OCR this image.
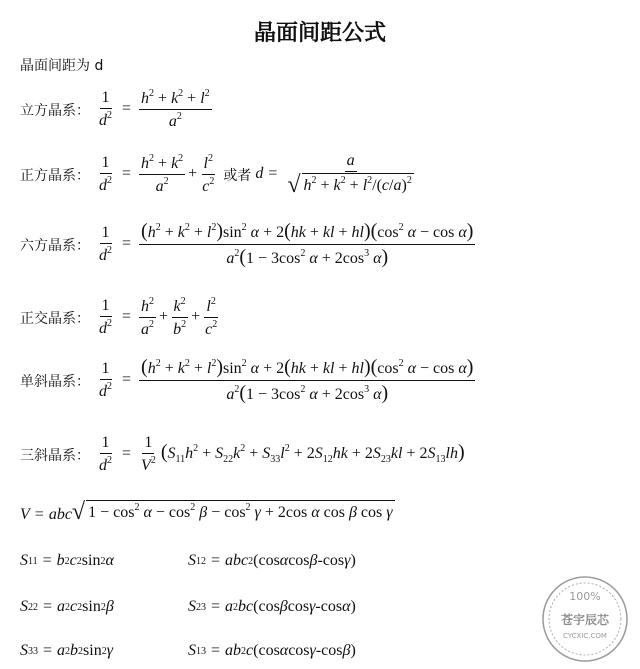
晶面间距公式
晶面间距为 d
立方晶系： $\frac{1}{d^2} = \frac{h^2 + k^2 + l^2}{a^2}$
正方晶系： $\frac{1}{d^2} = \frac{h^2 + k^2}{a^2} + \frac{l^2}{c^2}$ 或者 $d = \frac{a}{√ h^2 + k^2 + l^2/(c/a)^2}$
六方晶系： $\frac{1}{d^2} = \frac{(h^2 + k^2 + l^2)\sin^2 \alpha + 2(hk + kl + hl)(\cos^2 \alpha - \cos \alpha)}{a^2(1 - 3\cos^2 \alpha + 2\cos^3 \alpha)}$
正交晶系： $\frac{1}{d^2} = \frac{h^2}{a^2} + \frac{k^2}{b^2} + \frac{l^2}{c^2}$
单斜晶系： $\frac{1}{d^2} = \frac{(h^2 + k^2 + l^2)\sin^2 \alpha + 2(hk + kl + hl)(\cos^2 \alpha - \cos \alpha)}{a^2(1 - 3\cos^2 \alpha + 2\cos^3 \alpha)}$
三斜晶系： $\frac{1}{d^2} = \frac{1}{V^2} (S_{11}h^2 + S_{22}k^2 + S_{33}l^2 + 2S_{12}hk + 2S_{23}kl + 2S_{13}lh)$
V = abc √ $1 - \cos^2 \alpha - \cos^2 \beta - \cos^2 \gamma + 2\cos$ α cos β cos γ
S 11 = b 2 c 2 sin 2 α	S 12 = abc 2 (cos α cos β -cos γ )
S 22 = a 2 c 2 sin 2 β	S 23 = a 2 bc (cos β cos γ -cos α )
S 33 = a 2 b 2 sin 2 γ	S 13 = ab 2 c (cos α cos γ -cos β )
100%
苍宇辰芯
CYCXIC.COM
